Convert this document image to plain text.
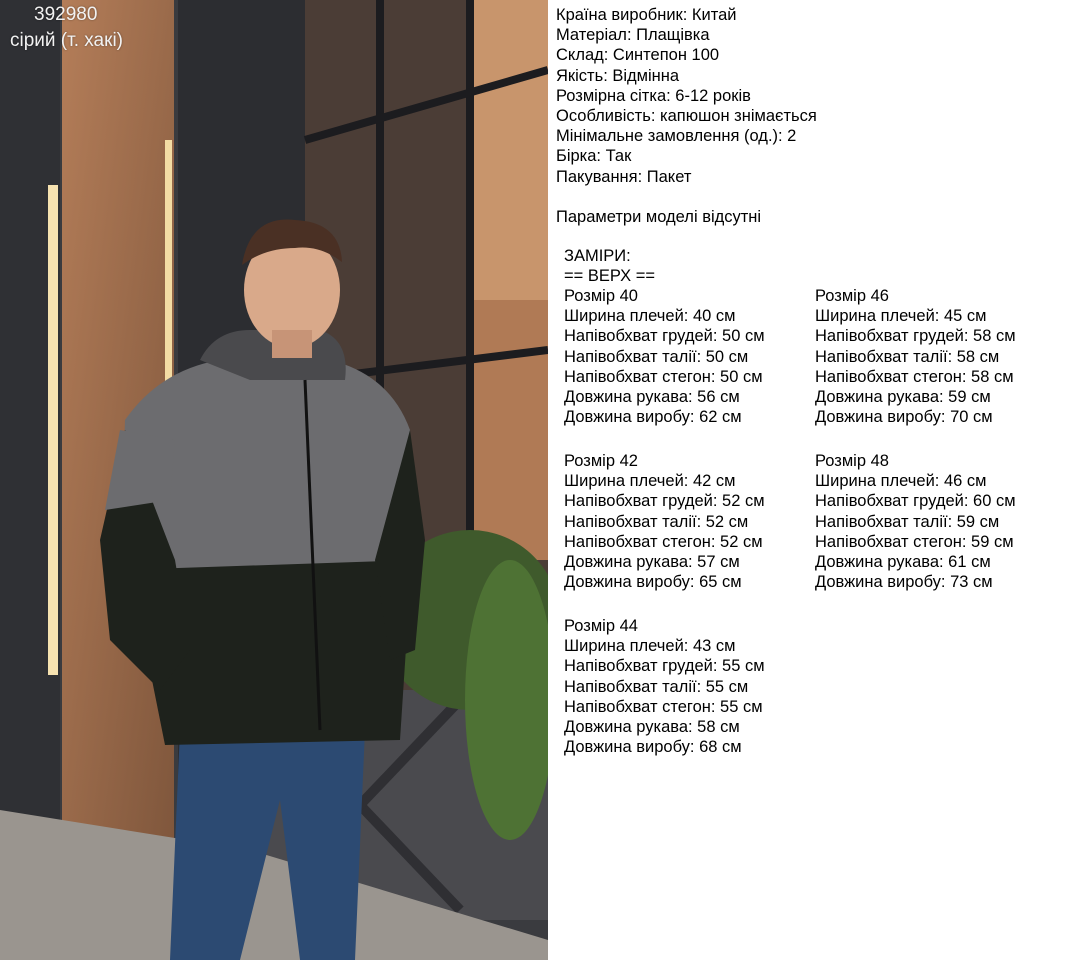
392980
сірий (т. хакі)
Країна виробник: Китай
Матеріал: Плащівка
Склад: Синтепон 100
Якість: Відмінна
Розмірна сітка: 6-12 років
Особливість: капюшон знімається
Мінімальне замовлення (од.): 2
Бірка: Так
Пакування: Пакет
Параметри моделі відсутні
ЗАМІРИ:
== ВЕРХ ==
Розмір 40
Ширина плечей: 40 см
Напівобхват грудей: 50 см
Напівобхват талії: 50 см
Напівобхват стегон: 50 см
Довжина рукава: 56 см
Довжина виробу: 62 см
Розмір 46
Ширина плечей: 45 см
Напівобхват грудей: 58 см
Напівобхват талії: 58 см
Напівобхват стегон: 58 см
Довжина рукава: 59 см
Довжина виробу: 70 см
Розмір 42
Ширина плечей: 42 см
Напівобхват грудей: 52 см
Напівобхват талії: 52 см
Напівобхват стегон: 52 см
Довжина рукава: 57 см
Довжина виробу: 65 см
Розмір 48
Ширина плечей: 46 см
Напівобхват грудей: 60 см
Напівобхват талії: 59 см
Напівобхват стегон: 59 см
Довжина рукава: 61 см
Довжина виробу: 73 см
Розмір 44
Ширина плечей: 43 см
Напівобхват грудей: 55 см
Напівобхват талії: 55 см
Напівобхват стегон: 55 см
Довжина рукава: 58 см
Довжина виробу: 68 см
